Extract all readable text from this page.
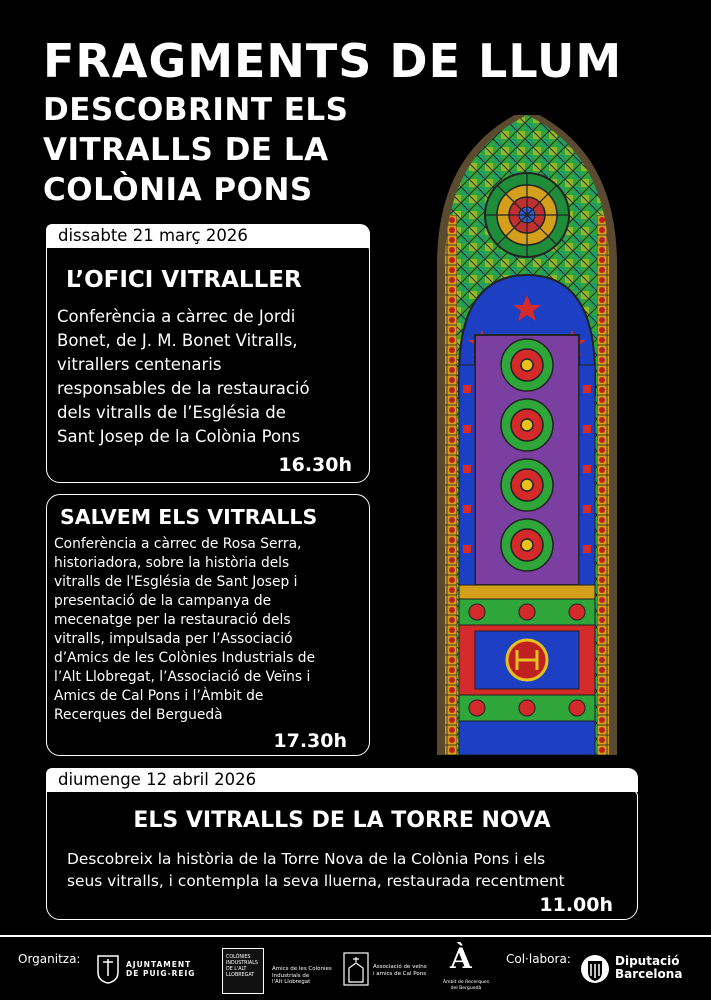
FRAGMENTS DE LLUM
DESCOBRINT ELS
VITRALLS DE LA
COLÒNIA PONS
dissabte 21 març 2026
L’OFICI VITRALLER
Conferència a càrrec de Jordi
Bonet, de J. M. Bonet Vitralls,
vitrallers centenaris
responsables de la restauració
dels vitralls de l’Església de
Sant Josep de la Colònia Pons
16.30h
SALVEM ELS VITRALLS
Conferència a càrrec de Rosa Serra,
historiadora, sobre la història dels
vitralls de l'Església de Sant Josep i
presentació de la campanya de
mecenatge per la restauració dels
vitralls, impulsada per l’Associació
d’Amics de les Colònies Industrials de
l’Alt Llobregat, l’Associació de Veïns i
Amics de Cal Pons i l’Àmbit de
Recerques del Berguedà
17.30h
diumenge 12 abril 2026
ELS VITRALLS DE LA TORRE NOVA
Descobreix la història de la Torre Nova de la Colònia Pons i els
seus vitralls, i contempla la seva lluerna, restaurada recentment
11.00h
Organitza:	AJUNTAMENT
DE PUIG-REIG
COLÒNIES
INDUSTRIALS
DE L'ALT
LLOBREGAT
Amics de les Colònies
Industrials de
l'Alt Llobregat
Associació de veïns
i amics de Cal Pons À
Àmbit de Recerques
del Berguedà
Col·labora:	Diputació
Barcelona
